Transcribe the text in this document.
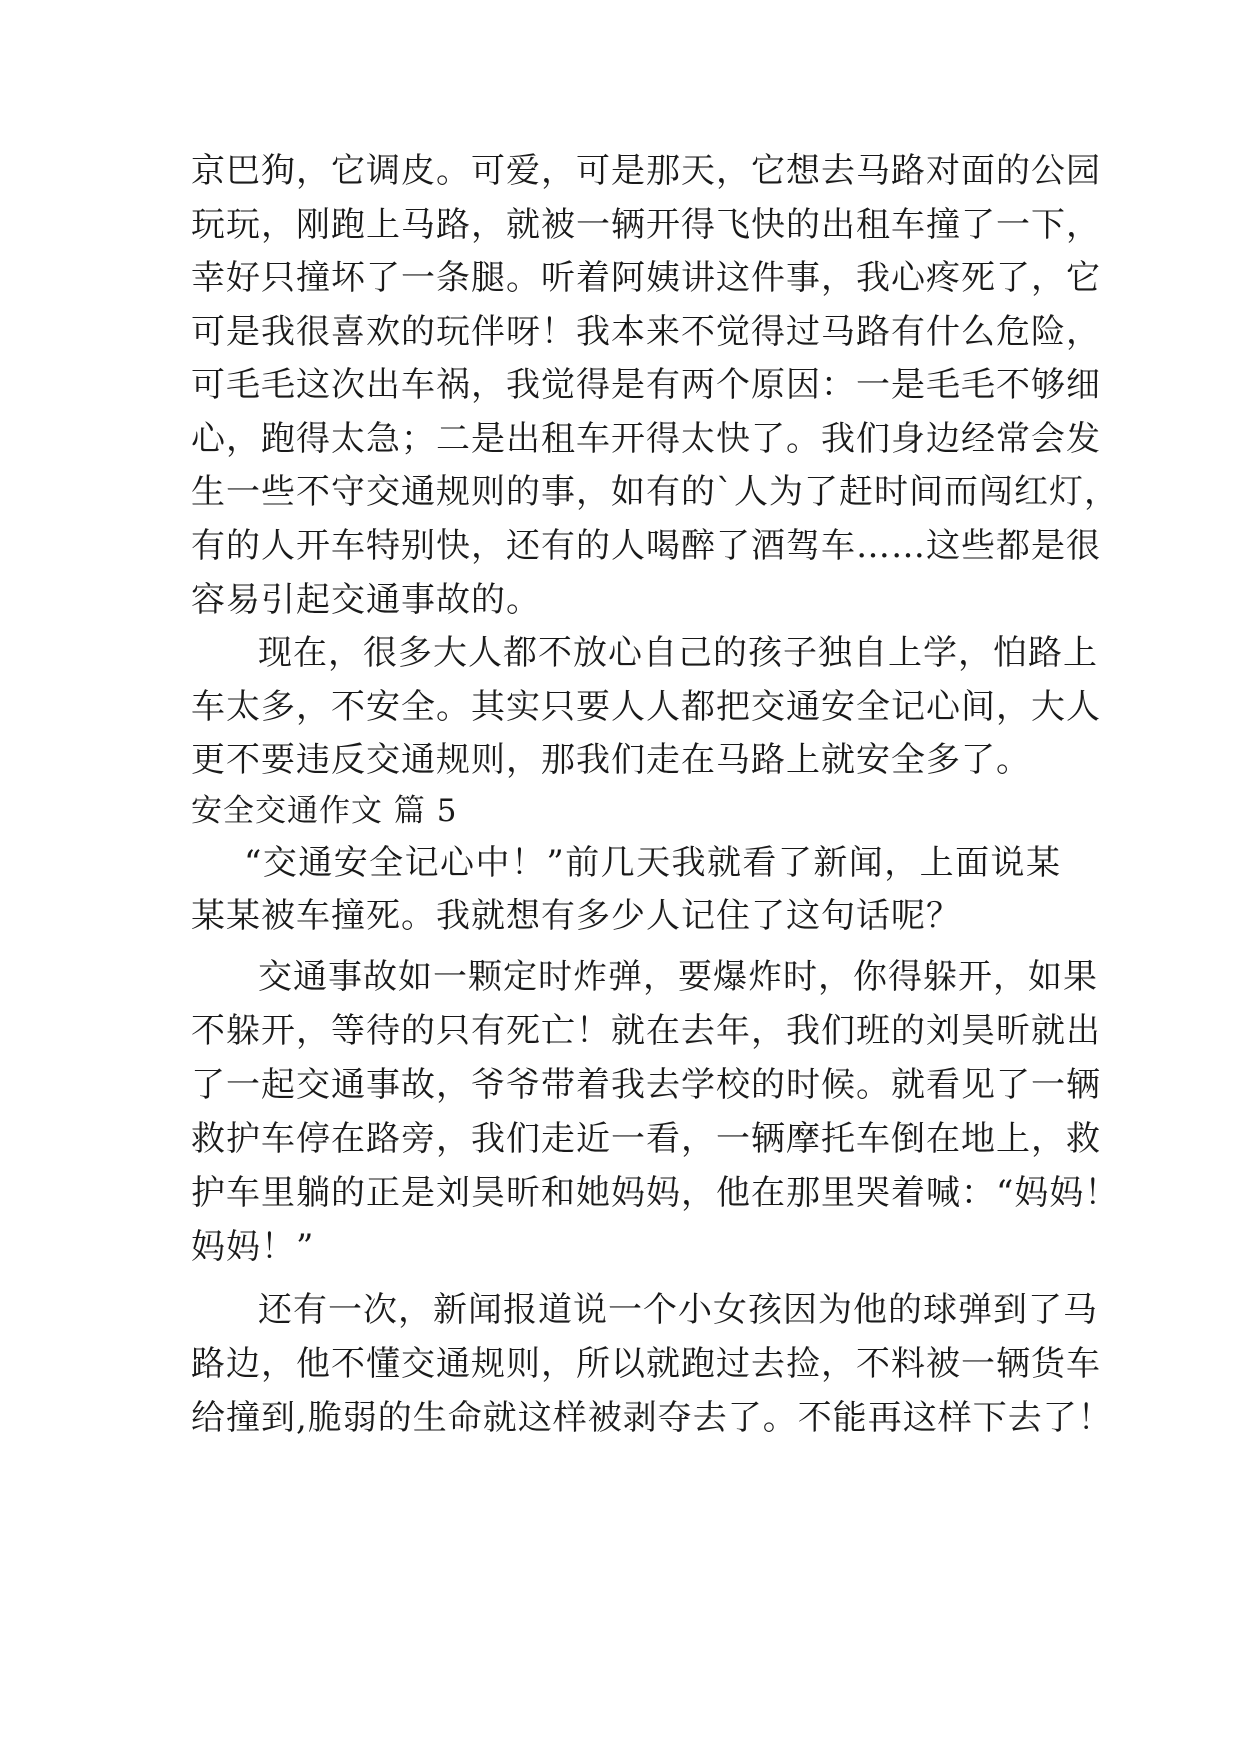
京巴狗，它调皮。可爱，可是那天，它想去马路对面的公园
玩玩，刚跑上马路，就被一辆开得飞快的出租车撞了一下，
幸好只撞坏了一条腿。听着阿姨讲这件事，我心疼死了，它
可是我很喜欢的玩伴呀！我本来不觉得过马路有什么危险，
可毛毛这次出车祸，我觉得是有两个原因：一是毛毛不够细
心，跑得太急；二是出租车开得太快了。我们身边经常会发
生一些不守交通规则的事，如有的`人为了赶时间而闯红灯，
有的人开车特别快，还有的人喝醉了酒驾车……这些都是很
容易引起交通事故的。
现在，很多大人都不放心自己的孩子独自上学，怕路上
车太多，不安全。其实只要人人都把交通安全记心间，大人
更不要违反交通规则，那我们走在马路上就安全多了。
安全交通作文 篇 5
“交通安全记心中！”前几天我就看了新闻，上面说某
某某被车撞死。我就想有多少人记住了这句话呢？
交通事故如一颗定时炸弹，要爆炸时，你得躲开，如果
不躲开，等待的只有死亡！就在去年，我们班的刘昊昕就出
了一起交通事故，爷爷带着我去学校的时候。就看见了一辆
救护车停在路旁，我们走近一看，一辆摩托车倒在地上，救
护车里躺的正是刘昊昕和她妈妈，他在那里哭着喊：“妈妈！
妈妈！”
还有一次，新闻报道说一个小女孩因为他的球弹到了马
路边，他不懂交通规则，所以就跑过去捡，不料被一辆货车
给撞到,脆弱的生命就这样被剥夺去了。不能再这样下去了！
